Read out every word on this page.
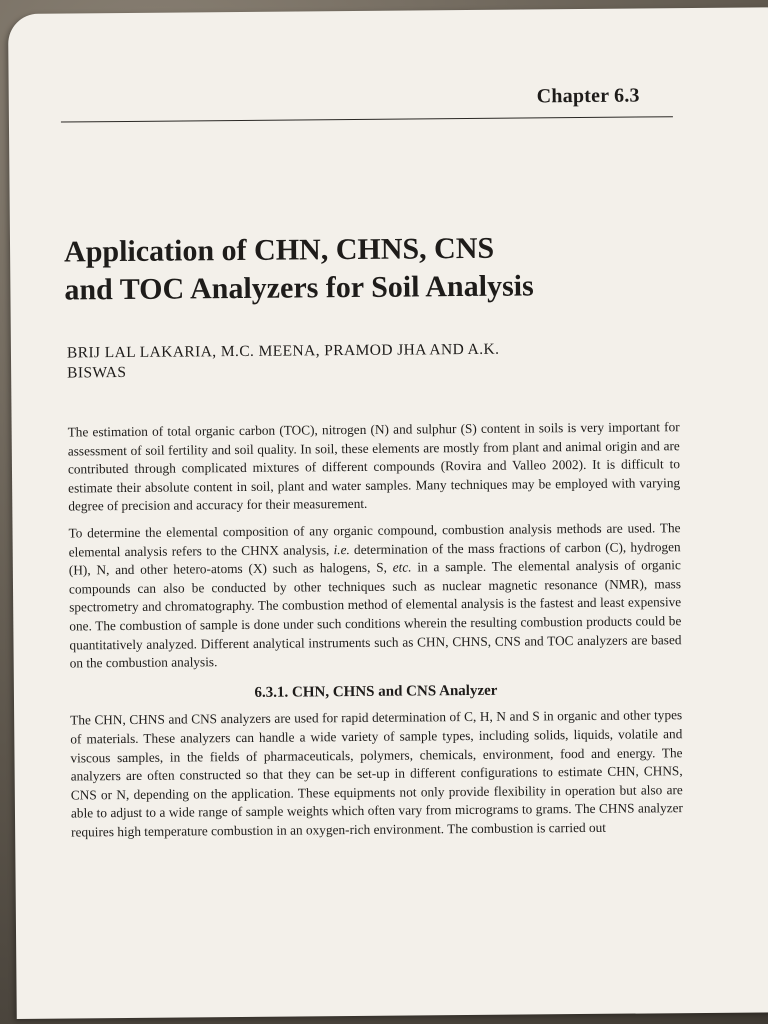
Chapter 6.3
Application of CHN, CHNS, CNS
and TOC Analyzers for Soil Analysis
BRIJ LAL LAKARIA, M.C. MEENA, PRAMOD JHA AND A.K.
BISWAS

The estimation of total organic carbon (TOC), nitrogen (N) and sulphur (S) content in soils is very important for assessment of soil fertility and soil quality. In soil, these elements are mostly from plant and animal origin and are contributed through complicated mixtures of different compounds (Rovira and Valleo 2002). It is difficult to estimate their absolute content in soil, plant and water samples. Many techniques may be employed with varying degree of precision and accuracy for their measurement.

To determine the elemental composition of any organic compound, combustion analysis methods are used. The elemental analysis refers to the CHNX analysis, i.e. determination of the mass fractions of carbon (C), hydrogen (H), N, and other hetero-atoms (X) such as halogens, S, etc. in a sample. The elemental analysis of organic compounds can also be conducted by other techniques such as nuclear magnetic resonance (NMR), mass spectrometry and chromatography. The combustion method of elemental analysis is the fastest and least expensive one. The combustion of sample is done under such conditions wherein the resulting combustion products could be quantitatively analyzed. Different analytical instruments such as CHN, CHNS, CNS and TOC analyzers are based on the combustion analysis.

6.3.1. CHN, CHNS and CNS Analyzer

The CHN, CHNS and CNS analyzers are used for rapid determination of C, H, N and S in organic and other types of materials. These analyzers can handle a wide variety of sample types, including solids, liquids, volatile and viscous samples, in the fields of pharmaceuticals, polymers, chemicals, environment, food and energy. The analyzers are often constructed so that they can be set-up in different configurations to estimate CHN, CHNS, CNS or N, depending on the application. These equipments not only provide flexibility in operation but also are able to adjust to a wide range of sample weights which often vary from micrograms to grams. The CHNS analyzer requires high temperature combustion in an oxygen-rich environment. The combustion is carried out
